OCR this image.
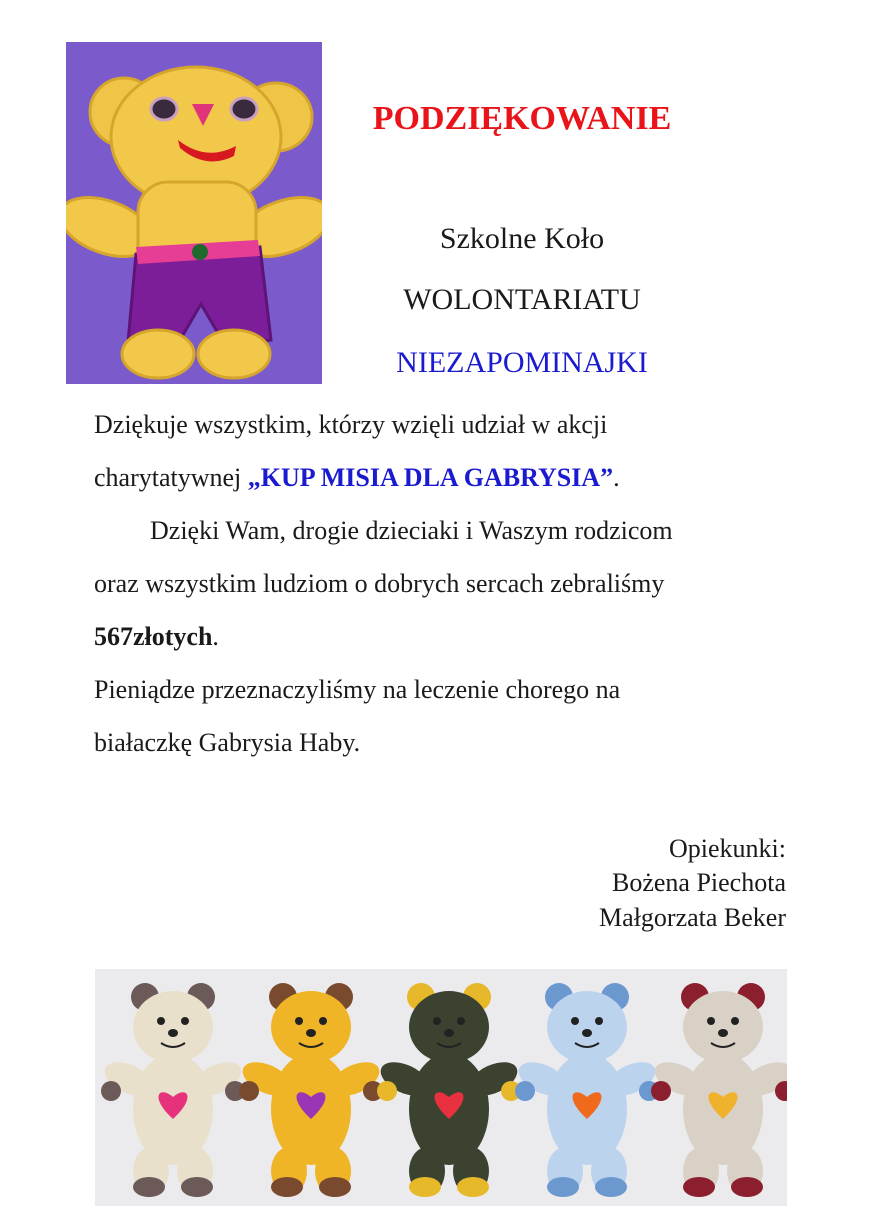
PODZIĘKOWANIE
Szkolne Koło
WOLONTARIATU
NIEZAPOMINAJKI
Dziękuje wszystkim, którzy wzięli udział w akcji
charytatywnej „KUP MISIA DLA GABRYSIA”.
Dzięki Wam, drogie dzieciaki i Waszym rodzicom
oraz wszystkim ludziom o dobrych sercach zebraliśmy
567złotych.
Pieniądze przeznaczyliśmy na leczenie chorego na
białaczkę Gabrysia Haby.
Opiekunki:
Bożena Piechota
Małgorzata Beker
